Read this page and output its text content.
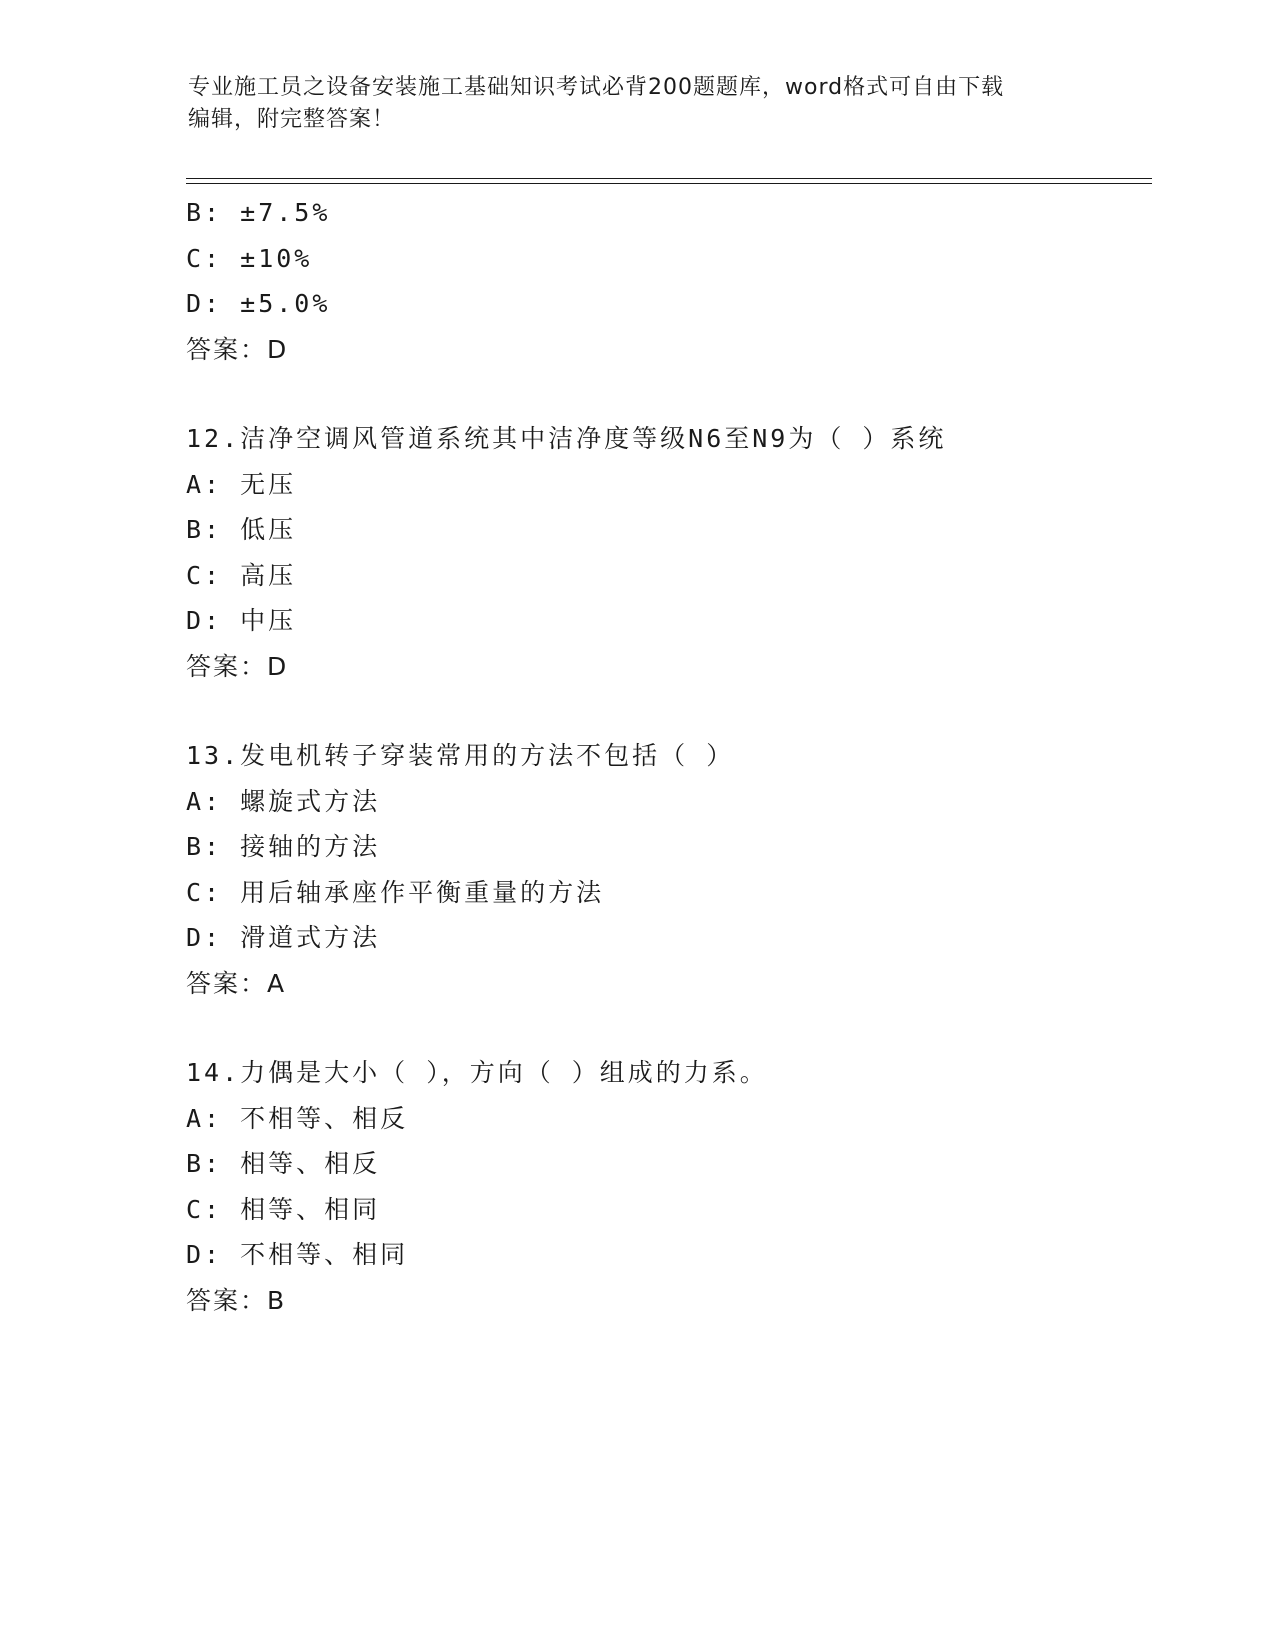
专业施工员之设备安装施工基础知识考试必背200题题库，word格式可自由下载
编辑，附完整答案！
B: ±7.5%
C: ±10%
D: ±5.0%
答案：D
12.洁净空调风管道系统其中洁净度等级N6至N9为（ ）系统
A: 无压
B: 低压
C: 高压
D: 中压
答案：D
13.发电机转子穿装常用的方法不包括（ ）
A: 螺旋式方法
B: 接轴的方法
C: 用后轴承座作平衡重量的方法
D: 滑道式方法
答案：A
14.力偶是大小（ ），方向（ ）组成的力系。
A: 不相等、相反
B: 相等、相反
C: 相等、相同
D: 不相等、相同
答案：B
